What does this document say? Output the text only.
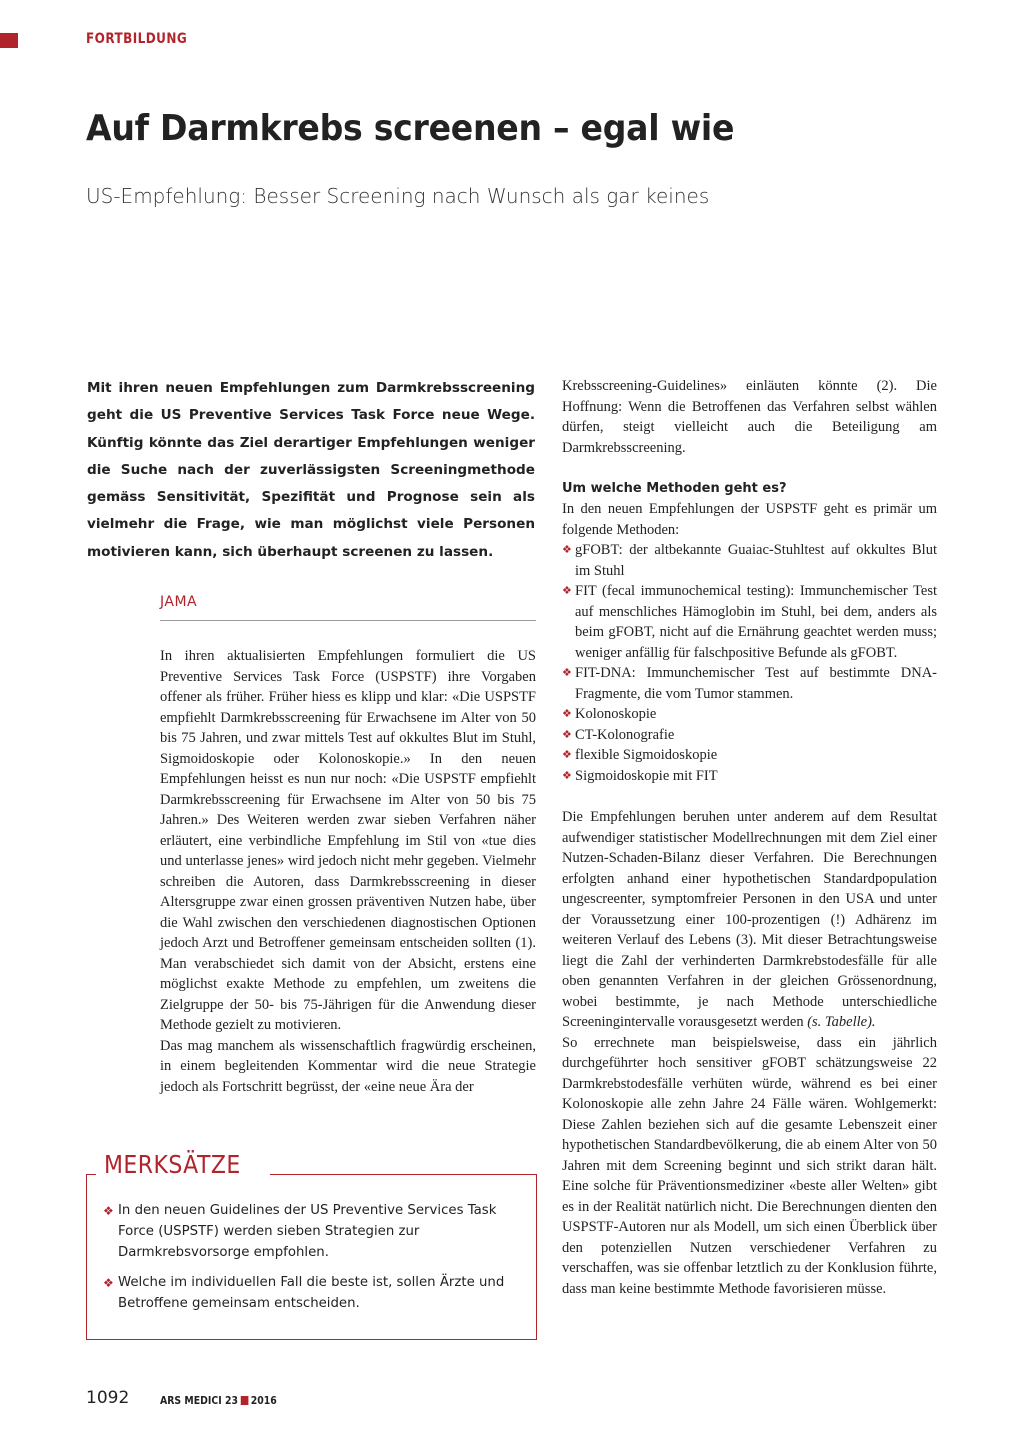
FORTBILDUNG
Auf Darmkrebs screenen – egal wie
US-Empfehlung: Besser Screening nach Wunsch als gar keines

Mit ihren neuen Empfehlungen zum Darmkrebsscreening geht die US Preventive Services Task Force neue Wege. Künftig könnte das Ziel derartiger Empfehlungen weniger die Suche nach der zuverlässigsten Screeningmethode gemäss Sensitivität, Spezifität und Prognose sein als vielmehr die Frage, wie man möglichst viele Personen motivieren kann, sich überhaupt screenen zu lassen.

JAMA

In ihren aktualisierten Empfehlungen formuliert die US Preventive Services Task Force (USPSTF) ihre Vorgaben offener als früher. Früher hiess es klipp und klar: «Die USPSTF empfiehlt Darmkrebsscreening für Erwachsene im Alter von 50 bis 75 Jahren, und zwar mittels Test auf okkultes Blut im Stuhl, Sigmoidoskopie oder Kolonoskopie.» In den neuen Empfehlungen heisst es nun nur noch: «Die USPSTF empfiehlt Darmkrebsscreening für Erwachsene im Alter von 50 bis 75 Jahren.» Des Weiteren werden zwar sieben Verfahren näher erläutert, eine verbindliche Empfehlung im Stil von «tue dies und unterlasse jenes» wird jedoch nicht mehr gegeben. Vielmehr schreiben die Autoren, dass Darmkrebsscreening in dieser Altersgruppe zwar einen grossen präventiven Nutzen habe, über die Wahl zwischen den verschiedenen diagnostischen Optionen jedoch Arzt und Betroffener gemeinsam entscheiden sollten (1). Man verabschiedet sich damit von der Absicht, erstens eine möglichst exakte Methode zu empfehlen, um zweitens die Zielgruppe der 50- bis 75-Jährigen für die Anwendung dieser Methode gezielt zu motivieren.

Das mag manchem als wissenschaftlich fragwürdig erscheinen, in einem begleitenden Kommentar wird die neue Strategie jedoch als Fortschritt begrüsst, der «eine neue Ära der

Krebsscreening-Guidelines» einläuten könnte (2). Die Hoffnung: Wenn die Betroffenen das Verfahren selbst wählen dürfen, steigt vielleicht auch die Beteiligung am Darmkrebsscreening.

Um welche Methoden geht es?

In den neuen Empfehlungen der USPSTF geht es primär um folgende Methoden:

❖ gFOBT: der altbekannte Guaiac-Stuhltest auf okkultes Blut im Stuhl
❖ FIT (fecal immunochemical testing): Immunchemischer Test auf menschliches Hämoglobin im Stuhl, bei dem, anders als beim gFOBT, nicht auf die Ernährung geachtet werden muss; weniger anfällig für falschpositive Befunde als gFOBT.
❖ FIT-DNA: Immunchemischer Test auf bestimmte DNA-Fragmente, die vom Tumor stammen.
❖ Kolonoskopie
❖ CT-Kolonografie
❖ flexible Sigmoidoskopie
❖ Sigmoidoskopie mit FIT

Die Empfehlungen beruhen unter anderem auf dem Resultat aufwendiger statistischer Modellrechnungen mit dem Ziel einer Nutzen-Schaden-Bilanz dieser Verfahren. Die Berechnungen erfolgten anhand einer hypothetischen Standardpopulation ungescreenter, symptomfreier Personen in den USA und unter der Voraussetzung einer 100-prozentigen (!) Adhärenz im weiteren Verlauf des Lebens (3). Mit dieser Betrachtungsweise liegt die Zahl der verhinderten Darmkrebstodesfälle für alle oben genannten Verfahren in der gleichen Grössenordnung, wobei bestimmte, je nach Methode unterschiedliche Screeningintervalle vorausgesetzt werden (s. Tabelle).

So errechnete man beispielsweise, dass ein jährlich durchgeführter hoch sensitiver gFOBT schätzungsweise 22 Darmkrebstodesfälle verhüten würde, während es bei einer Kolonoskopie alle zehn Jahre 24 Fälle wären. Wohlgemerkt: Diese Zahlen beziehen sich auf die gesamte Lebenszeit einer hypothetischen Standardbevölkerung, die ab einem Alter von 50 Jahren mit dem Screening beginnt und sich strikt daran hält. Eine solche für Präventionsmediziner «beste aller Welten» gibt es in der Realität natürlich nicht. Die Berechnungen dienten den USPSTF-Autoren nur als Modell, um sich einen Überblick über den potenziellen Nutzen verschiedener Verfahren zu verschaffen, was sie offenbar letztlich zu der Konklusion führte, dass man keine bestimmte Methode favorisieren müsse.

❖ In den neuen Guidelines der US Preventive Services Task Force (USPSTF) werden sieben Strategien zur Darmkrebsvorsorge empfohlen.
❖ Welche im individuellen Fall die beste ist, sollen Ärzte und Betroffene gemeinsam entscheiden.
MERKSÄTZE
1092	ARS MEDICI 23 2016
